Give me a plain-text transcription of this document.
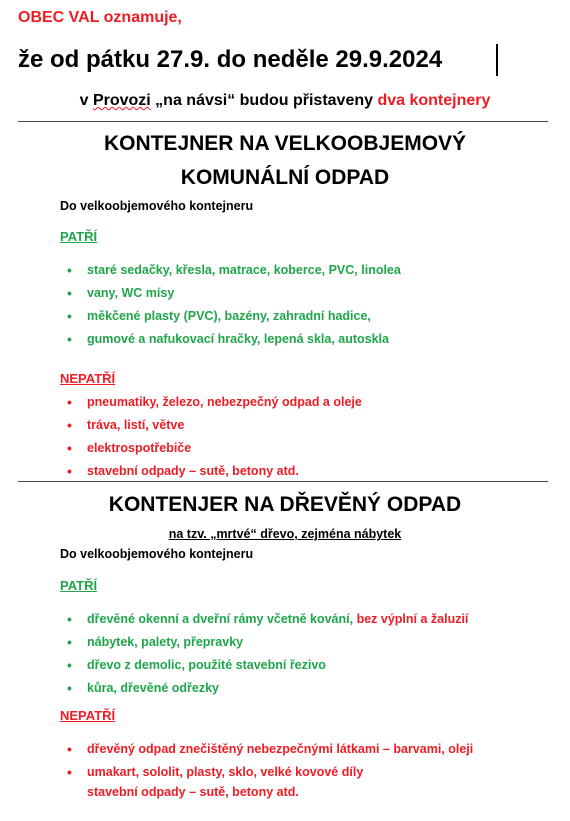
OBEC VAL oznamuje,
že od pátku 27.9. do neděle 29.9.2024
v Provozi „na návsi“ budou přistaveny dva kontejnery
KONTEJNER NA VELKOOBJEMOVÝ
KOMUNÁLNÍ ODPAD
Do velkoobjemového kontejneru
PATŘÍ
• staré sedačky, křesla, matrace, koberce, PVC, linolea
• vany, WC mísy
• měkčené plasty (PVC), bazény, zahradní hadice,
• gumové a nafukovací hračky, lepená skla, autoskla
NEPATŘÍ
• pneumatiky, železo, nebezpečný odpad a oleje
• tráva, listí, větve
• elektrospotřebiče
• stavební odpady – sutě, betony atd.
KONTENJER NA DŘEVĚNÝ ODPAD
na tzv. „mrtvé“ dřevo, zejména nábytek
Do velkoobjemového kontejneru
PATŘÍ
• dřevěné okenní a dveřní rámy včetně kování, bez výplní a žaluzií
• nábytek, palety, přepravky
• dřevo z demolic, použité stavební řezivo
• kůra, dřevěné odřezky
NEPATŘÍ
• dřevěný odpad znečištěný nebezpečnými látkami – barvami, oleji
• umakart, sololit, plasty, sklo, velké kovové díly
stavební odpady – sutě, betony atd.
